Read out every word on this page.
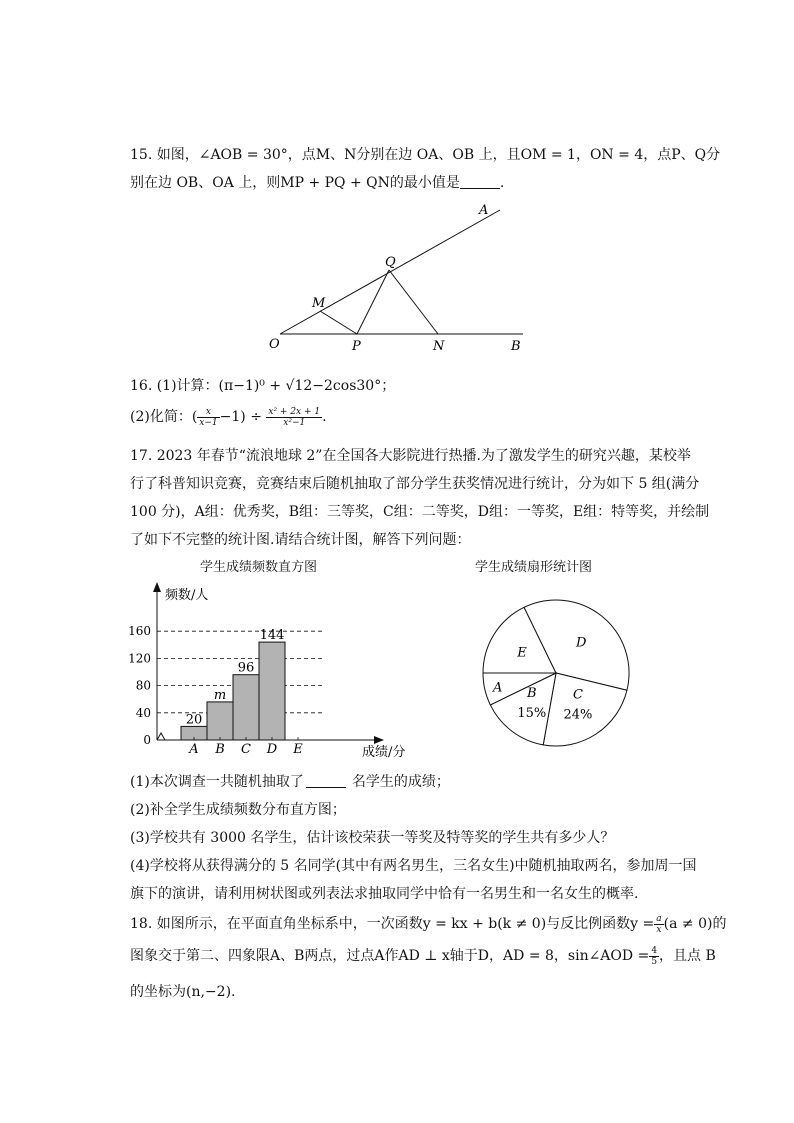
15. 如图，∠AOB = 30°，点M、N分别在边 OA、OB 上，且OM = 1，ON = 4，点P、Q分
别在边 OB、OA 上，则MP + PQ + QN的最小值是	.
A
Q
M
O	P	N	B
16. (1)计算：(π−1)⁰ + √12−2cos30°；
(2)化简：( $\frac{x}{x-1} -1) \div \frac{\text{x² + 2x + 1}}{\text{x²−1}}$ .
17. 2023 年春节“流浪地球 2”在全国各大影院进行热播.为了激发学生的研究兴趣，某校举
行了科普知识竞赛，竞赛结束后随机抽取了部分学生获奖情况进行统计，分为如下 5 组(满分
100 分)，A组：优秀奖，B组：三等奖，C组：二等奖，D组：一等奖，E组：特等奖，并绘制
了如下不完整的统计图.请结合统计图，解答下列问题：
学生成绩频数直方图	学生成绩扇形统计图
频数/人
成绩/分
0
40
80
120
160
20
m
96
144
A B C D E
E
D
C
24%
B
15%
A
(1)本次调查一共随机抽取了	名学生的成绩；
(2)补全学生成绩频数分布直方图；
(3)学校共有 3000 名学生，估计该校荣获一等奖及特等奖的学生共有多少人？
(4)学校将从获得满分的 5 名同学(其中有两名男生，三名女生)中随机抽取两名，参加周一国
旗下的演讲，请利用树状图或列表法求抽取同学中恰有一名男生和一名女生的概率.
18. 如图所示，在平面直角坐标系中，一次函数y = kx + b(k ≠ 0)与反比例函数$y = \frac{a}{x} (a \ne 0)$的
图象交于第二、四象限A、B两点，过点A作AD ⊥ x轴于D，AD = 8，sin∠AOD = $\frac{4}{5}$ ，且点 B
的坐标为(n,−2).
